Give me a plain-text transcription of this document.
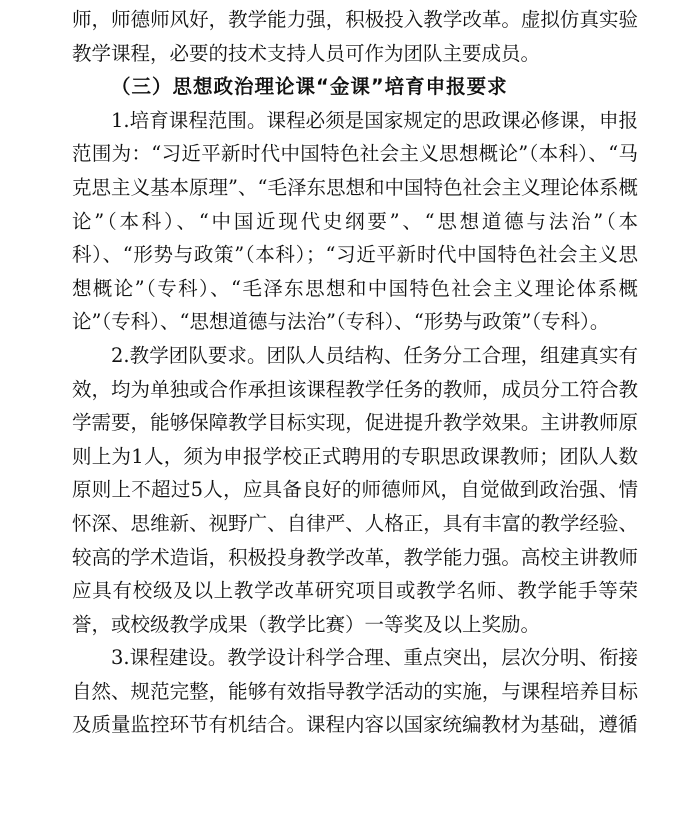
师，师德师风好，教学能力强，积极投入教学改革。虚拟仿真实验教学课程，必要的技术支持人员可作为团队主要成员。

（三）思想政治理论课“金课”培育申报要求

1.培育课程范围。课程必须是国家规定的思政课必修课，申报范围为：“习近平新时代中国特色社会主义思想概论”（本科）、“马克思主义基本原理”、“毛泽东思想和中国特色社会主义理论体系概论”（本科）、“中国近现代史纲要”、“思想道德与法治”（本科）、“形势与政策”（本科）；“习近平新时代中国特色社会主义思想概论”（专科）、“毛泽东思想和中国特色社会主义理论体系概论”（专科）、“思想道德与法治”（专科）、“形势与政策”（专科）。

2.教学团队要求。团队人员结构、任务分工合理，组建真实有效，均为单独或合作承担该课程教学任务的教师，成员分工符合教学需要，能够保障教学目标实现，促进提升教学效果。主讲教师原则上为1人，须为申报学校正式聘用的专职思政课教师；团队人数原则上不超过5人，应具备良好的师德师风，自觉做到政治强、情怀深、思维新、视野广、自律严、人格正，具有丰富的教学经验、较高的学术造诣，积极投身教学改革，教学能力强。高校主讲教师应具有校级及以上教学改革研究项目或教学名师、教学能手等荣誉，或校级教学成果（教学比赛）一等奖及以上奖励。

3.课程建设。教学设计科学合理、重点突出，层次分明、衔接自然、规范完整，能够有效指导教学活动的实施，与课程培养目标及质量监控环节有机结合。课程内容以国家统编教材为基础，遵循
